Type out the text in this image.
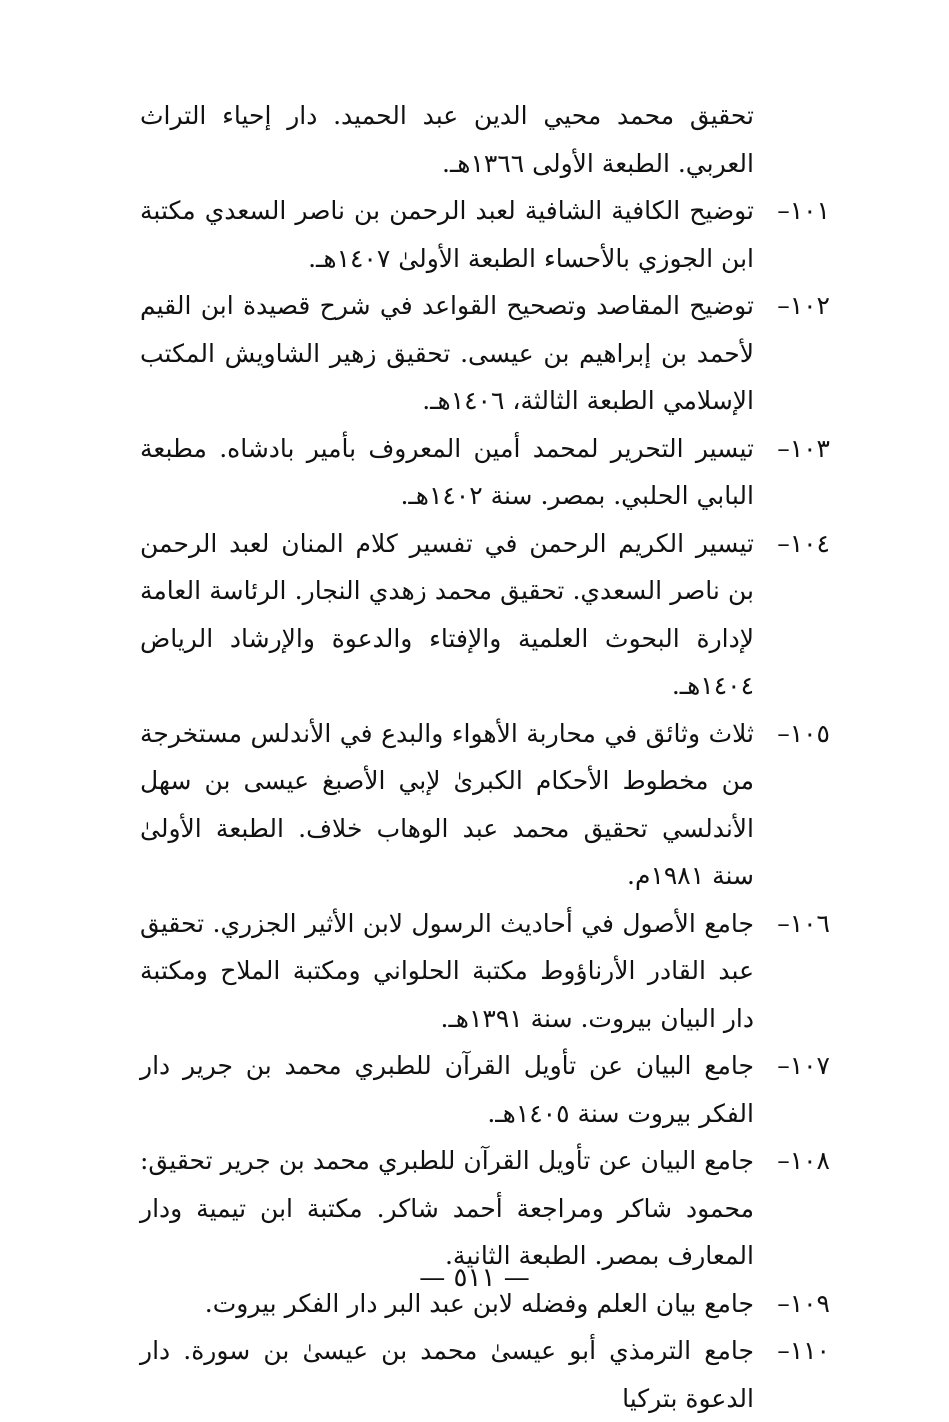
تحقيق محمد محيي الدين عبد الحميد. دار إحياء التراث العربي. الطبعة الأولى ١٣٦٦هـ.
١٠١–
توضيح الكافية الشافية لعبد الرحمن بن ناصر السعدي مكتبة ابن الجوزي بالأحساء الطبعة الأولىٰ ١٤٠٧هـ.
١٠٢–
توضيح المقاصد وتصحيح القواعد في شرح قصيدة ابن القيم لأحمد بن إبراهيم بن عيسى. تحقيق زهير الشاويش المكتب الإسلامي الطبعة الثالثة، ١٤٠٦هـ.
١٠٣–
تيسير التحرير لمحمد أمين المعروف بأمير بادشاه. مطبعة البابي الحلبي. بمصر. سنة ١٤٠٢هـ.
١٠٤–
تيسير الكريم الرحمن في تفسير كلام المنان لعبد الرحمن بن ناصر السعدي. تحقيق محمد زهدي النجار. الرئاسة العامة لإدارة البحوث العلمية والإفتاء والدعوة والإرشاد الرياض ١٤٠٤هـ.
١٠٥–
ثلاث وثائق في محاربة الأهواء والبدع في الأندلس مستخرجة من مخطوط الأحكام الكبرىٰ لإبي الأصبغ عيسى بن سهل الأندلسي تحقيق محمد عبد الوهاب خلاف. الطبعة الأولىٰ سنة ١٩٨١م.
١٠٦–
جامع الأصول في أحاديث الرسول لابن الأثير الجزري. تحقيق عبد القادر الأرناؤوط مكتبة الحلواني ومكتبة الملاح ومكتبة دار البيان بيروت. سنة ١٣٩١هـ.
١٠٧–
جامع البيان عن تأويل القرآن للطبري محمد بن جرير دار الفكر بيروت سنة ١٤٠٥هـ.
١٠٨–
جامع البيان عن تأويل القرآن للطبري محمد بن جرير تحقيق: محمود شاكر ومراجعة أحمد شاكر. مكتبة ابن تيمية ودار المعارف بمصر. الطبعة الثانية.
١٠٩–
جامع بيان العلم وفضله لابن عبد البر دار الفكر بيروت.
١١٠–
جامع الترمذي أبو عيسىٰ محمد بن عيسىٰ بن سورة. دار الدعوة بتركيا
— ٥١١ —
